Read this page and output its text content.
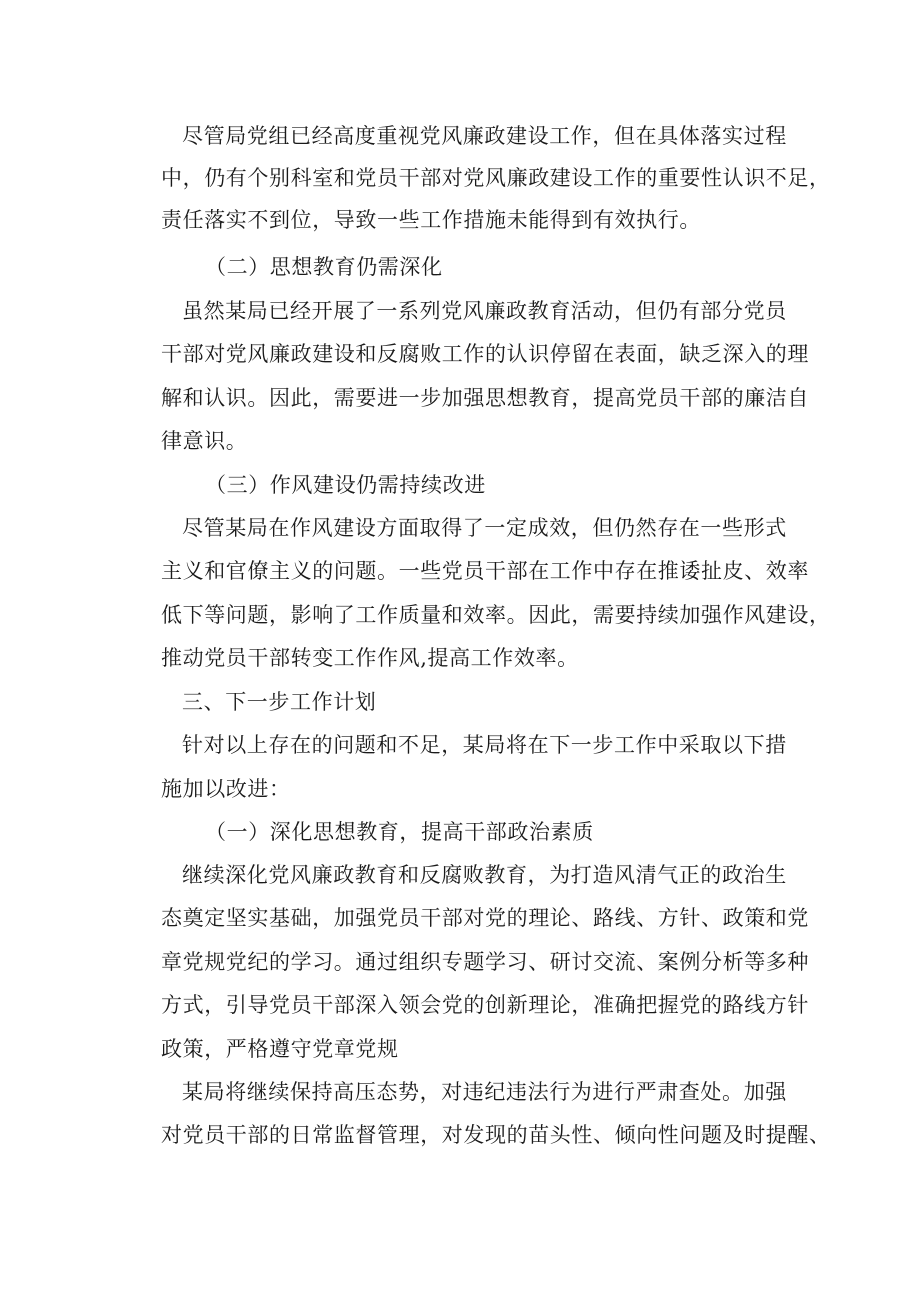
尽管局党组已经高度重视党风廉政建设工作，但在具体落实过程
中，仍有个别科室和党员干部对党风廉政建设工作的重要性认识不足，
责任落实不到位，导致一些工作措施未能得到有效执行。
（二）思想教育仍需深化
虽然某局已经开展了一系列党风廉政教育活动，但仍有部分党员
干部对党风廉政建设和反腐败工作的认识停留在表面，缺乏深入的理
解和认识。因此，需要进一步加强思想教育，提高党员干部的廉洁自
律意识。
（三）作风建设仍需持续改进
尽管某局在作风建设方面取得了一定成效，但仍然存在一些形式
主义和官僚主义的问题。一些党员干部在工作中存在推诿扯皮、效率
低下等问题，影响了工作质量和效率。因此，需要持续加强作风建设，
推动党员干部转变工作作风,提高工作效率。
三、下一步工作计划
针对以上存在的问题和不足，某局将在下一步工作中采取以下措
施加以改进：
（一）深化思想教育，提高干部政治素质
继续深化党风廉政教育和反腐败教育，为打造风清气正的政治生
态奠定坚实基础，加强党员干部对党的理论、路线、方针、政策和党
章党规党纪的学习。通过组织专题学习、研讨交流、案例分析等多种
方式，引导党员干部深入领会党的创新理论，准确把握党的路线方针
政策，严格遵守党章党规
某局将继续保持高压态势，对违纪违法行为进行严肃查处。加强
对党员干部的日常监督管理，对发现的苗头性、倾向性问题及时提醒、
